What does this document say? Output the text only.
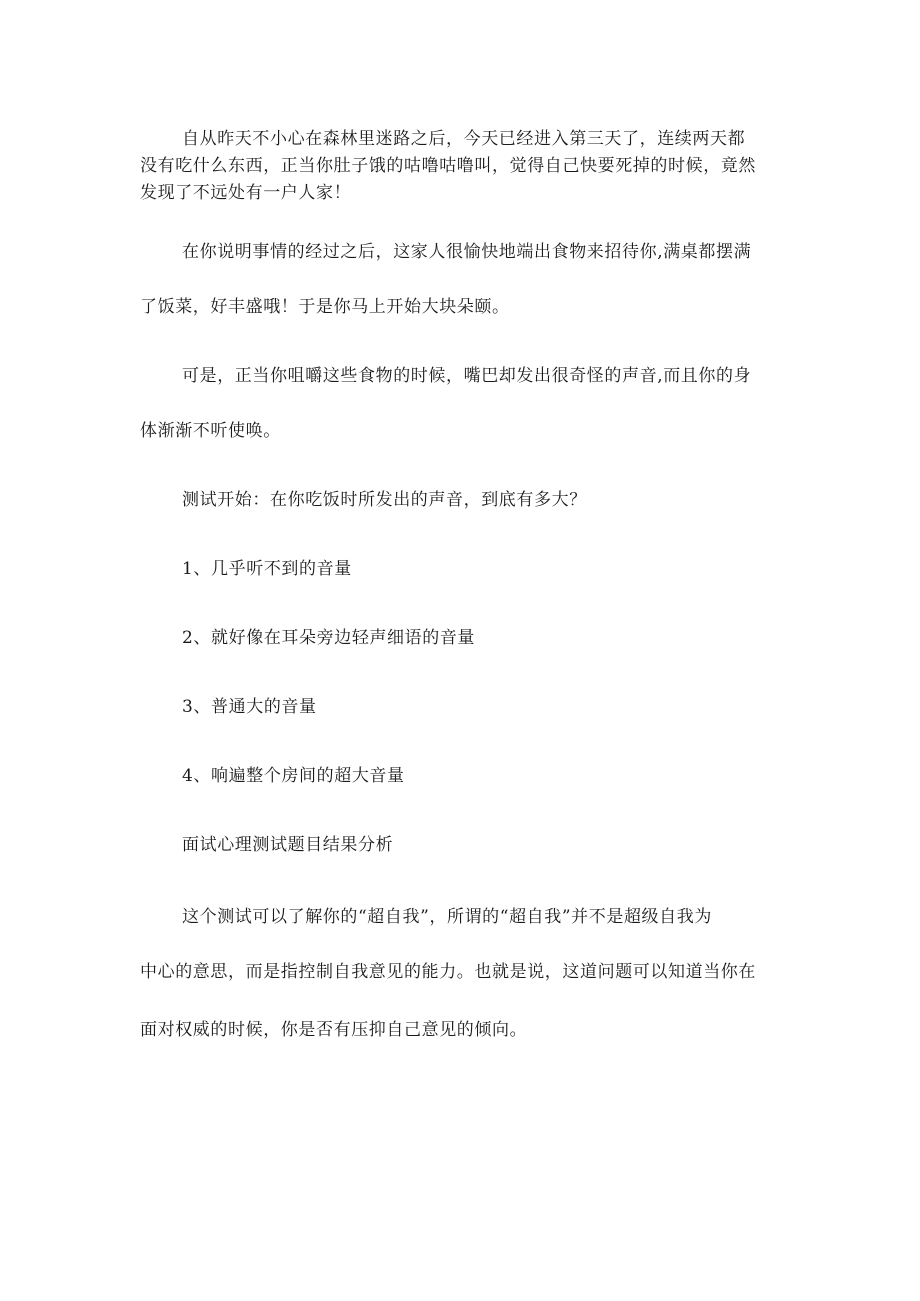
自从昨天不小心在森林里迷路之后，今天已经进入第三天了，连续两天都
没有吃什么东西，正当你肚子饿的咕噜咕噜叫，觉得自己快要死掉的时候，竟然
发现了不远处有一户人家！
在你说明事情的经过之后，这家人很愉快地端出食物来招待你,满桌都摆满
了饭菜，好丰盛哦！于是你马上开始大块朵颐。
可是，正当你咀嚼这些食物的时候，嘴巴却发出很奇怪的声音,而且你的身
体渐渐不听使唤。
测试开始：在你吃饭时所发出的声音，到底有多大？
1、几乎听不到的音量
2、就好像在耳朵旁边轻声细语的音量
3、普通大的音量
4、响遍整个房间的超大音量
面试心理测试题目结果分析
这个测试可以了解你的“超自我”，所谓的“超自我”并不是超级自我为
中心的意思，而是指控制自我意见的能力。也就是说，这道问题可以知道当你在
面对权威的时候，你是否有压抑自己意见的倾向。
